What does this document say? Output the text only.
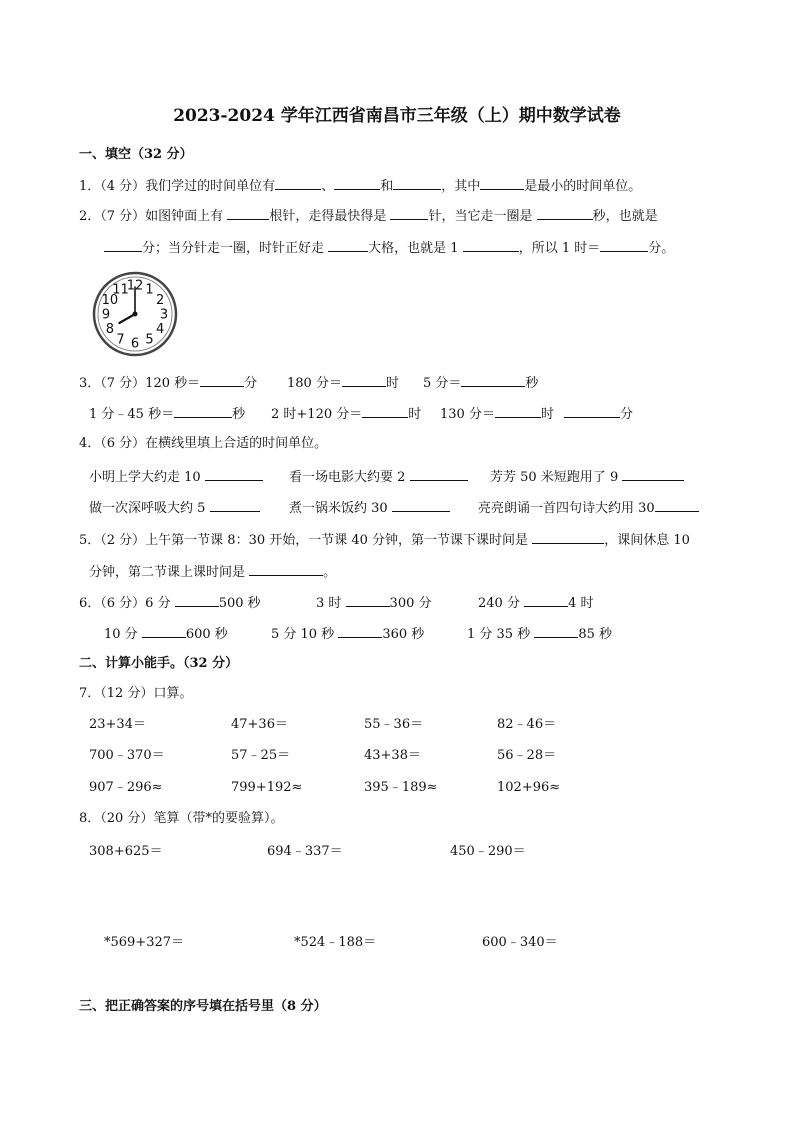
2023-2024 学年江西省南昌市三年级（上）期中数学试卷
一、填空（32 分）
1．（4 分）我们学过的时间单位有	、	和	，其中	是最小的时间单位。
2．（7 分）如图钟面上有	根针，走得最快得是	针，当它走一圈是	秒，也就是
分；当分针走一圈，时针正好走	大格，也就是 1	，所以 1 时＝	分。
12 1
2
3
4
5
6
7
8
9
10
11
3．（7 分）120 秒＝	分 180 分＝	时 5 分＝	秒
1 分﹣45 秒＝	秒 2 时+120 分＝	时 130 分＝	时	分
4．（6 分）在横线里填上合适的时间单位。
小明上学大约走 10	看一场电影大约要 2	芳芳 50 米短跑用了 9
做一次深呼吸大约 5	煮一锅米饭约 30	亮亮朗诵一首四句诗大约用 30
5．（2 分）上午第一节课 8：30 开始，一节课 40 分钟，第一节课下课时间是	，课间休息 10
分钟，第二节课上课时间是	。
6．（6 分）6 分	500 秒	3 时	300 分	240 分	4 时
10 分	600 秒	5 分 10 秒	360 秒	1 分 35 秒	85 秒
二、计算小能手。（32 分）
7．（12 分）口算。
23+34＝	47+36＝	55﹣36＝	82﹣46＝
700﹣370＝	57﹣25＝	43+38＝	56﹣28＝
907﹣296≈	799+192≈	395﹣189≈	102+96≈
8．（20 分）笔算（带*的要验算）。
308+625＝	694﹣337＝	450﹣290＝
*569+327＝	*524﹣188＝	600﹣340＝
三、把正确答案的序号填在括号里（8 分）
